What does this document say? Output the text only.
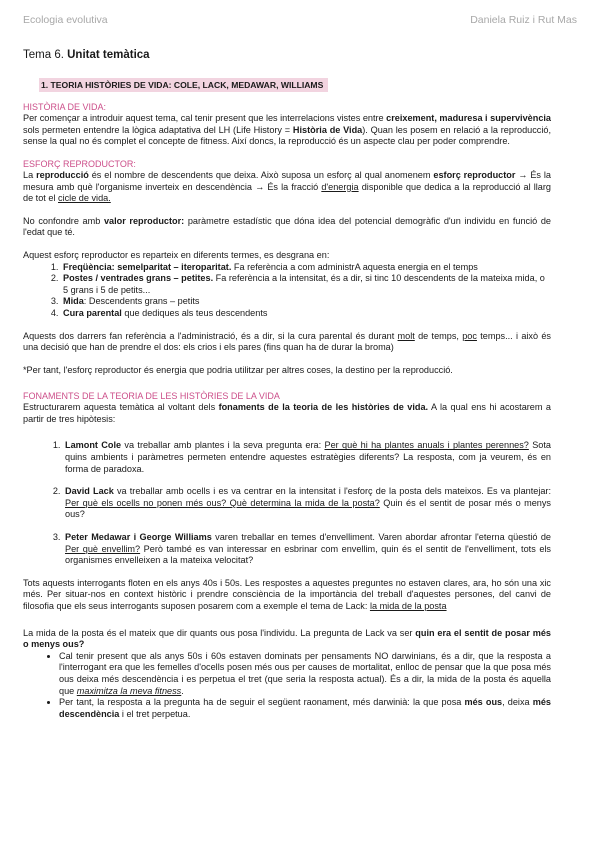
Ecologia evolutiva	Daniela Ruiz i Rut Mas
Tema 6. Unitat temàtica
1. TEORIA HISTÒRIES DE VIDA: COLE, LACK, MEDAWAR, WILLIAMS
HISTÒRIA DE VIDA:

Per començar a introduir aquest tema, cal tenir present que les interrelacions vistes entre creixement, maduresa i supervivència sols permeten entendre la lògica adaptativa del LH (Life History = Història de Vida). Quan les posem en relació a la reproducció, sense la qual no és complet el concepte de fitness. Així doncs, la reproducció és un aspecte clau per poder comprendre.

ESFORÇ REPRODUCTOR:

La reproducció és el nombre de descendents que deixa. Això suposa un esforç al qual anomenem esforç reproductor → És la mesura amb què l'organisme inverteix en descendència → És la fracció d'energia disponible que dedica a la reproducció al llarg de tot el cicle de vida.

No confondre amb valor reproductor: paràmetre estadístic que dóna idea del potencial demogràfic d'un individu en funció de l'edat que té.

Aquest esforç reproductor es reparteix en diferents termes, es desgrana en:

1. Freqüència: semelparitat – iteroparitat. Fa referència a com administrA aquesta energia en el temps
2. Postes / ventrades grans – petites. Fa referència a la intensitat, és a dir, si tinc 10 descendents de la mateixa mida, o 5 grans i 5 de petits...
3. Mida: Descendents grans – petits
4. Cura parental que dediques als teus descendents

Aquests dos darrers fan referència a l'administració, és a dir, si la cura parental és durant molt de temps, poc temps... i això és una decisió que han de prendre el dos: els crios i els pares (fins quan ha de durar la broma)

*Per tant, l'esforç reproductor és energia que podria utilitzar per altres coses, la destino per la reproducció.

FONAMENTS DE LA TEORIA DE LES HISTÒRIES DE LA VIDA

Estructurarem aquesta temàtica al voltant dels fonaments de la teoria de les històries de vida. A la qual ens hi acostarem a partir de tres hipòtesis:

1. Lamont Cole va treballar amb plantes i la seva pregunta era: Per què hi ha plantes anuals i plantes perennes? Sota quins ambients i paràmetres permeten entendre aquestes estratègies diferents? La resposta, com ja veurem, és en forma de paradoxa.
2. David Lack va treballar amb ocells i es va centrar en la intensitat i l'esforç de la posta dels mateixos. Es va plantejar: Per què els ocells no ponen més ous? Què determina la mida de la posta? Quin és el sentit de posar més o menys ous?
3. Peter Medawar i George Williams varen treballar en temes d'envelliment. Varen abordar afrontar l'eterna qüestió de Per què envellim? Però també es van interessar en esbrinar com envellim, quin és el sentit de l'envelliment, tots els organismes envelleixen a la mateixa velocitat?

Tots aquests interrogants floten en els anys 40s i 50s. Les respostes a aquestes preguntes no estaven clares, ara, ho són una xic més. Per situar-nos en context històric i prendre consciència de la importància del treball d'aquestes persones, del canvi de filosofia que els seus interrogants suposen posarem com a exemple el tema de Lack: la mida de la posta

La mida de la posta és el mateix que dir quants ous posa l'individu. La pregunta de Lack va ser quin era el sentit de posar més o menys ous?

• Cal tenir present que als anys 50s i 60s estaven dominats per pensaments NO darwinians, és a dir, que la resposta a l'interrogant era que les femelles d'ocells posen més ous per causes de mortalitat, enlloc de pensar que la que posa més ous deixa més descendència i es perpetua el tret (que seria la resposta actual). És a dir, la mida de la posta és aquella que maximitza la meva fitness.
• Per tant, la resposta a la pregunta ha de seguir el següent raonament, més darwinià: la que posa més ous, deixa més descendència i el tret perpetua.
